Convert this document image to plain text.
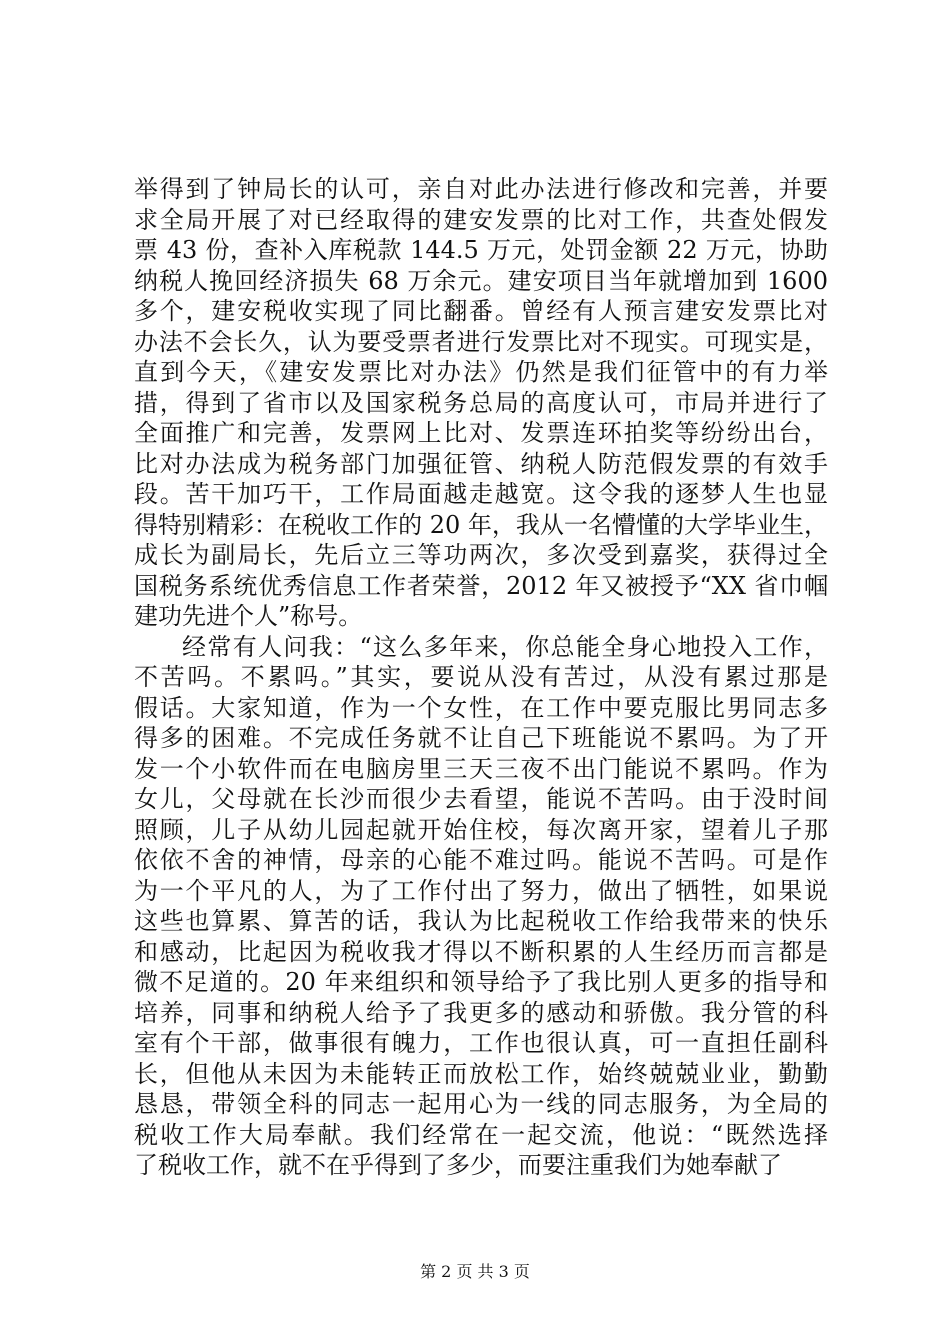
举得到了钟局长的认可，亲自对此办法进行修改和完善，并要
求全局开展了对已经取得的建安发票的比对工作，共查处假发
票 43 份，查补入库税款 144.5 万元，处罚金额 22 万元，协助
纳税人挽回经济损失 68 万余元。建安项目当年就增加到 1600
多个，建安税收实现了同比翻番。曾经有人预言建安发票比对
办法不会长久，认为要受票者进行发票比对不现实。可现实是，
直到今天，《建安发票比对办法》仍然是我们征管中的有力举
措，得到了省市以及国家税务总局的高度认可，市局并进行了
全面推广和完善，发票网上比对、发票连环拍奖等纷纷出台，
比对办法成为税务部门加强征管、纳税人防范假发票的有效手
段。苦干加巧干，工作局面越走越宽。这令我的逐梦人生也显
得特别精彩：在税收工作的 20 年，我从一名懵懂的大学毕业生，
成长为副局长，先后立三等功两次，多次受到嘉奖，获得过全
国税务系统优秀信息工作者荣誉，2012 年又被授予“XX 省巾帼
建功先进个人”称号。
经常有人问我：“这么多年来，你总能全身心地投入工作，
不苦吗。不累吗。”其实，要说从没有苦过，从没有累过那是
假话。大家知道，作为一个女性，在工作中要克服比男同志多
得多的困难。不完成任务就不让自己下班能说不累吗。为了开
发一个小软件而在电脑房里三天三夜不出门能说不累吗。作为
女儿，父母就在长沙而很少去看望，能说不苦吗。由于没时间
照顾，儿子从幼儿园起就开始住校，每次离开家，望着儿子那
依依不舍的神情，母亲的心能不难过吗。能说不苦吗。可是作
为一个平凡的人，为了工作付出了努力，做出了牺牲，如果说
这些也算累、算苦的话，我认为比起税收工作给我带来的快乐
和感动，比起因为税收我才得以不断积累的人生经历而言都是
微不足道的。20 年来组织和领导给予了我比别人更多的指导和
培养，同事和纳税人给予了我更多的感动和骄傲。我分管的科
室有个干部，做事很有魄力，工作也很认真，可一直担任副科
长，但他从未因为未能转正而放松工作，始终兢兢业业，勤勤
恳恳，带领全科的同志一起用心为一线的同志服务，为全局的
税收工作大局奉献。我们经常在一起交流，他说：“既然选择
了税收工作，就不在乎得到了多少，而要注重我们为她奉献了
第 2 页 共 3 页
